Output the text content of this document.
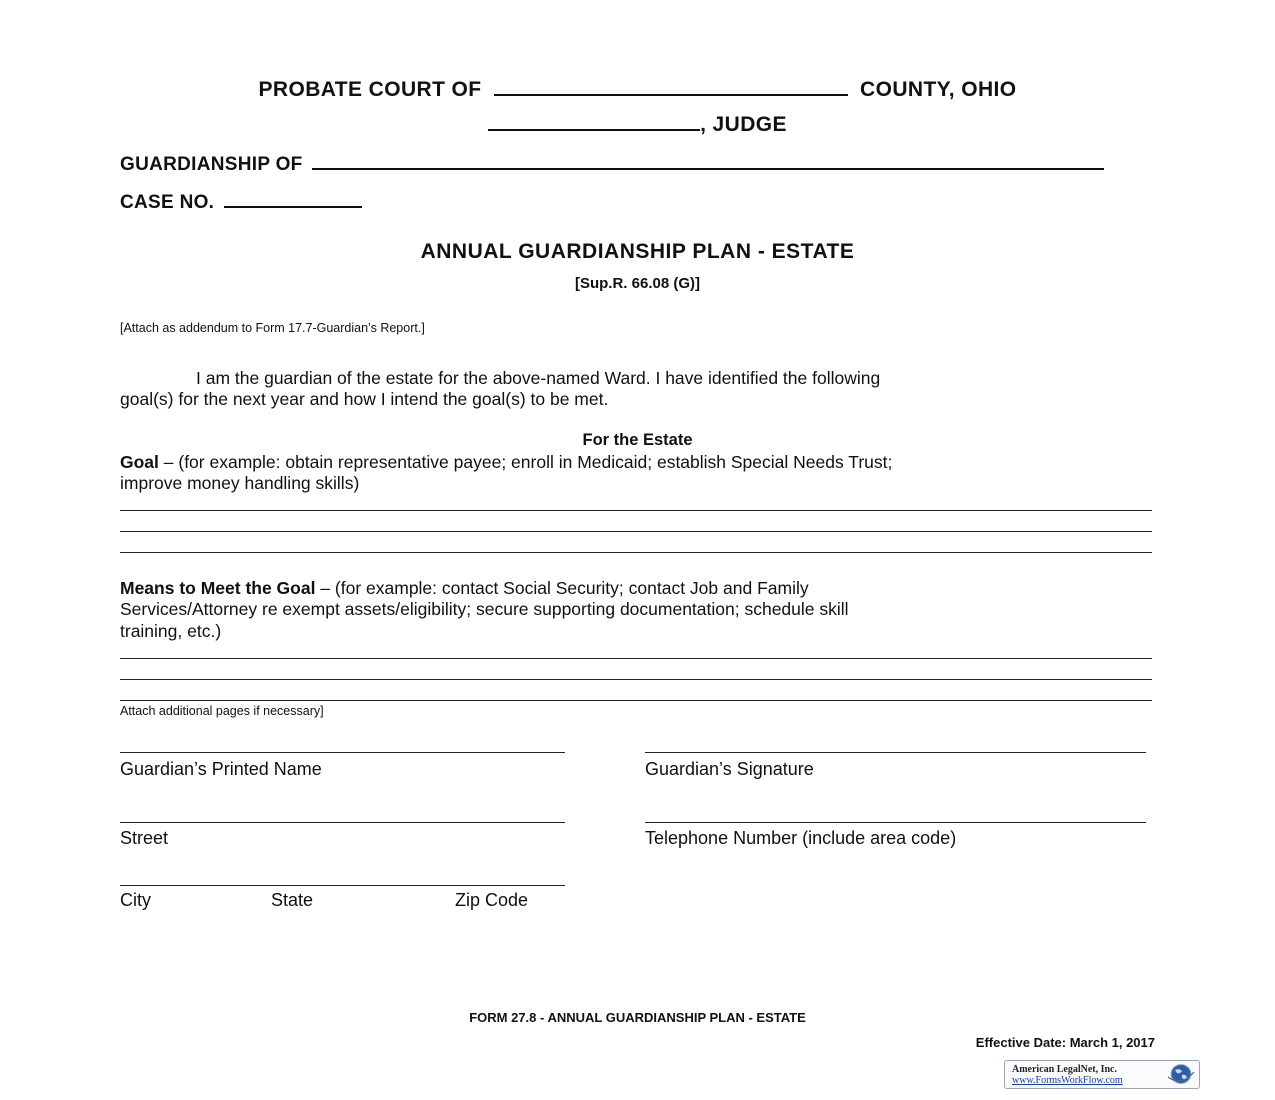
PROBATE COURT OF	COUNTY, OHIO
, JUDGE
GUARDIANSHIP OF
CASE NO.
ANNUAL GUARDIANSHIP PLAN - ESTATE
[Sup.R. 66.08 (G)]
[Attach as addendum to Form 17.7-Guardian’s Report.]
I am the guardian of the estate for the above-named Ward. I have identified the following
goal(s) for the next year and how I intend the goal(s) to be met.
For the Estate
Goal – (for example: obtain representative payee; enroll in Medicaid; establish Special Needs Trust;
improve money handling skills)
Means to Meet the Goal – (for example: contact Social Security; contact Job and Family
Services/Attorney re exempt assets/eligibility; secure supporting documentation; schedule skill
training, etc.)
Attach additional pages if necessary]
Guardian’s Printed Name	Guardian’s Signature
Street	Telephone Number (include area code)
City	State	Zip Code
FORM 27.8 - ANNUAL GUARDIANSHIP PLAN - ESTATE
Effective Date: March 1, 2017
American LegalNet, Inc.
www.FormsWorkFlow.com
